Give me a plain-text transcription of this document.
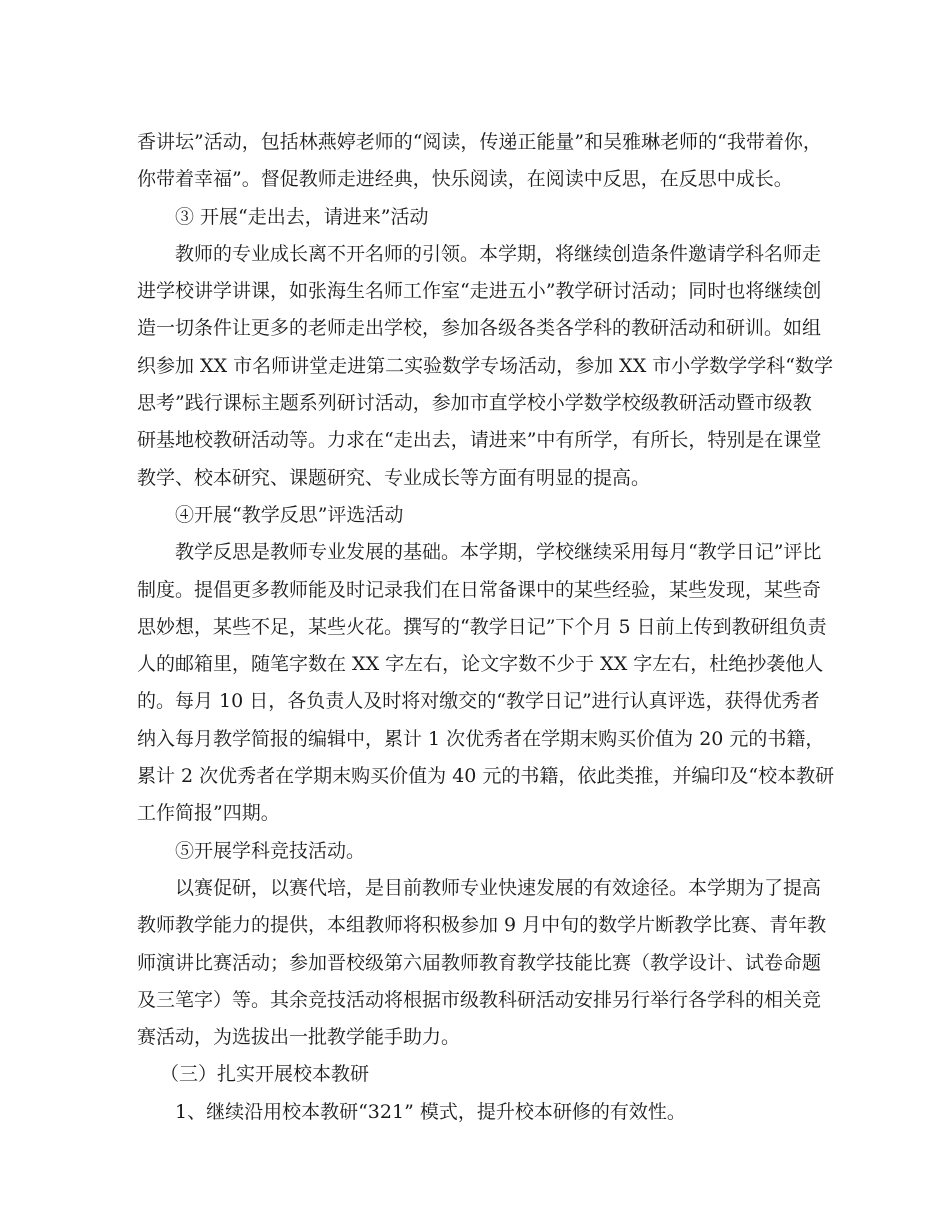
香讲坛”活动，包括林燕婷老师的“阅读，传递正能量”和吴雅琳老师的“我带着你，

你带着幸福”。督促教师走进经典，快乐阅读，在阅读中反思，在反思中成长。

③ 开展“走出去，请进来”活动

教师的专业成长离不开名师的引领。本学期，将继续创造条件邀请学科名师走

进学校讲学讲课，如张海生名师工作室“走进五小”教学研讨活动；同时也将继续创

造一切条件让更多的老师走出学校，参加各级各类各学科的教研活动和研训。如组

织参加 XX 市名师讲堂走进第二实验数学专场活动，参加 XX 市小学数学学科“数学

思考”践行课标主题系列研讨活动，参加市直学校小学数学校级教研活动暨市级教

研基地校教研活动等。力求在“走出去，请进来”中有所学，有所长，特别是在课堂

教学、校本研究、课题研究、专业成长等方面有明显的提高。

④开展“教学反思”评选活动

教学反思是教师专业发展的基础。本学期，学校继续采用每月“教学日记”评比

制度。提倡更多教师能及时记录我们在日常备课中的某些经验，某些发现，某些奇

思妙想，某些不足，某些火花。撰写的“教学日记”下个月 5 日前上传到教研组负责

人的邮箱里，随笔字数在 XX 字左右，论文字数不少于 XX 字左右，杜绝抄袭他人

的。每月 10 日，各负责人及时将对缴交的“教学日记”进行认真评选，获得优秀者

纳入每月教学简报的编辑中，累计 1 次优秀者在学期末购买价值为 20 元的书籍，

累计 2 次优秀者在学期末购买价值为 40 元的书籍，依此类推，并编印及“校本教研

工作简报”四期。

⑤开展学科竞技活动。

以赛促研，以赛代培，是目前教师专业快速发展的有效途径。本学期为了提高

教师教学能力的提供，本组教师将积极参加 9 月中旬的数学片断教学比赛、青年教

师演讲比赛活动；参加晋校级第六届教师教育教学技能比赛（教学设计、试卷命题

及三笔字）等。其余竞技活动将根据市级教科研活动安排另行举行各学科的相关竞

赛活动，为选拔出一批教学能手助力。

（三）扎实开展校本教研

1、继续沿用校本教研“321” 模式，提升校本研修的有效性。
